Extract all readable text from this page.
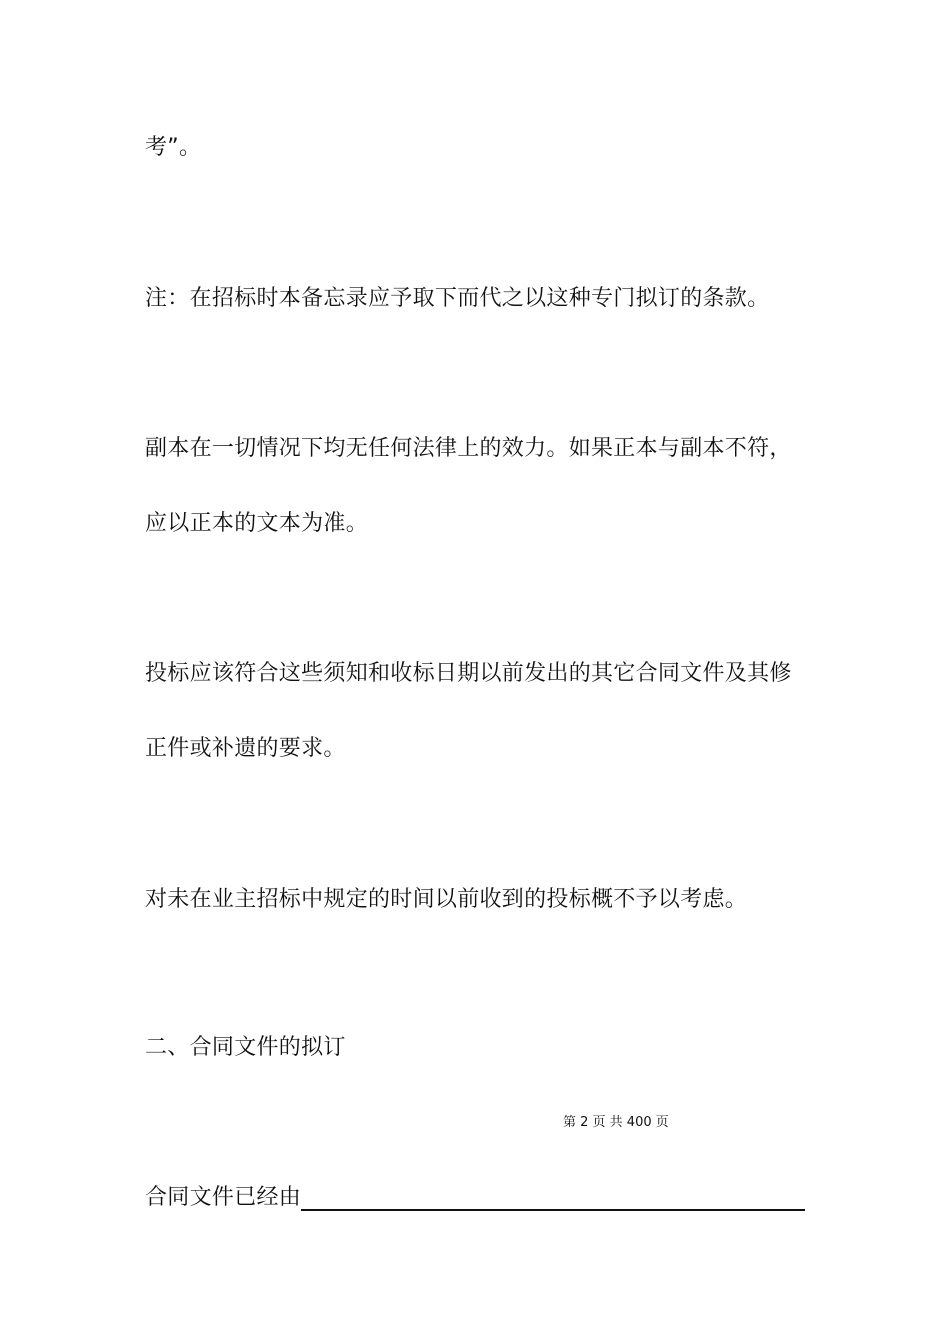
考”。
注：在招标时本备忘录应予取下而代之以这种专门拟订的条款。
副本在一切情况下均无任何法律上的效力。如果正本与副本不符，
应以正本的文本为准。
投标应该符合这些须知和收标日期以前发出的其它合同文件及其修
正件或补遗的要求。
对未在业主招标中规定的时间以前收到的投标概不予以考虑。
二、合同文件的拟订
第 2 页 共 400 页
合同文件已经由
